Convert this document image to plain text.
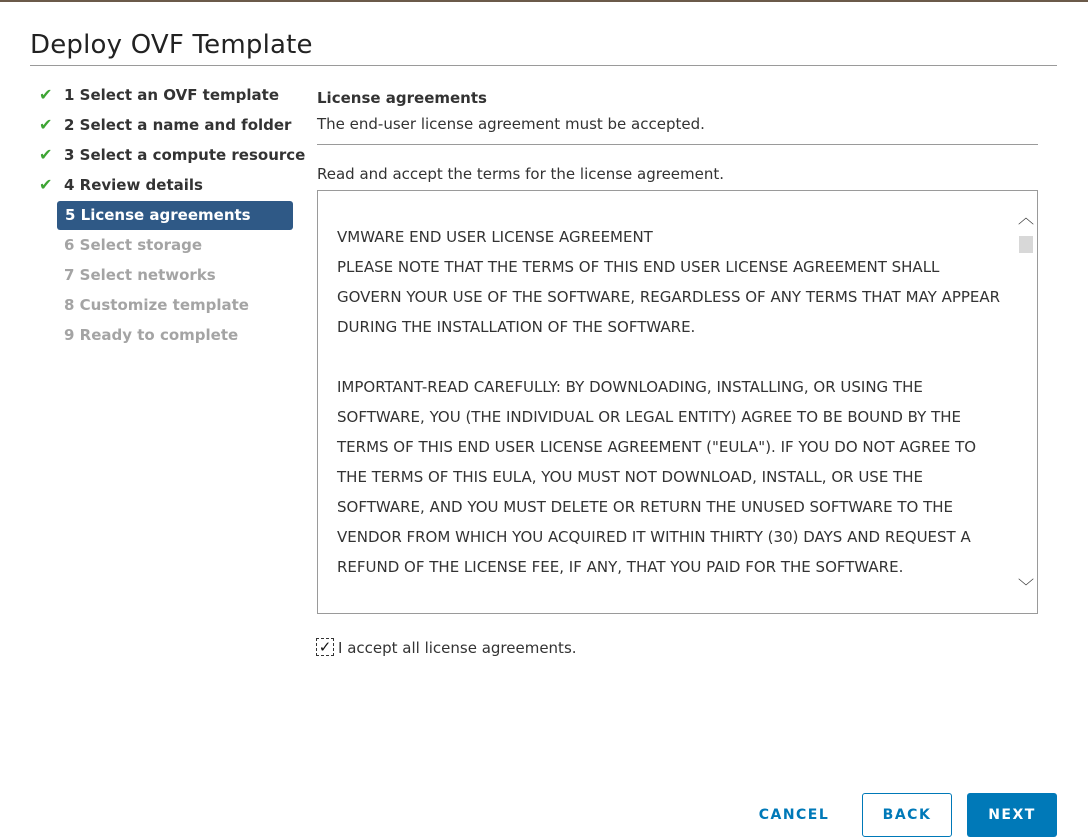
Deploy OVF Template
✔ 1 Select an OVF template
✔ 2 Select a name and folder
✔ 3 Select a compute resource
✔ 4 Review details
5 License agreements
6 Select storage
7 Select networks
8 Customize template
9 Ready to complete
License agreements
The end-user license agreement must be accepted.
Read and accept the terms for the license agreement.

VMWARE END USER LICENSE AGREEMENT
PLEASE NOTE THAT THE TERMS OF THIS END USER LICENSE AGREEMENT SHALL GOVERN YOUR USE OF THE SOFTWARE, REGARDLESS OF ANY TERMS THAT MAY APPEAR DURING THE INSTALLATION OF THE SOFTWARE.

IMPORTANT-READ CAREFULLY: BY DOWNLOADING, INSTALLING, OR USING THE SOFTWARE, YOU (THE INDIVIDUAL OR LEGAL ENTITY) AGREE TO BE BOUND BY THE TERMS OF THIS END USER LICENSE AGREEMENT ("EULA"). IF YOU DO NOT AGREE TO THE TERMS OF THIS EULA, YOU MUST NOT DOWNLOAD, INSTALL, OR USE THE SOFTWARE, AND YOU MUST DELETE OR RETURN THE UNUSED SOFTWARE TO THE VENDOR FROM WHICH YOU ACQUIRED IT WITHIN THIRTY (30) DAYS AND REQUEST A REFUND OF THE LICENSE FEE, IF ANY, THAT YOU PAID FOR THE SOFTWARE.

︿
﹀
✓ I accept all license agreements.
CANCEL	BACK	NEXT
